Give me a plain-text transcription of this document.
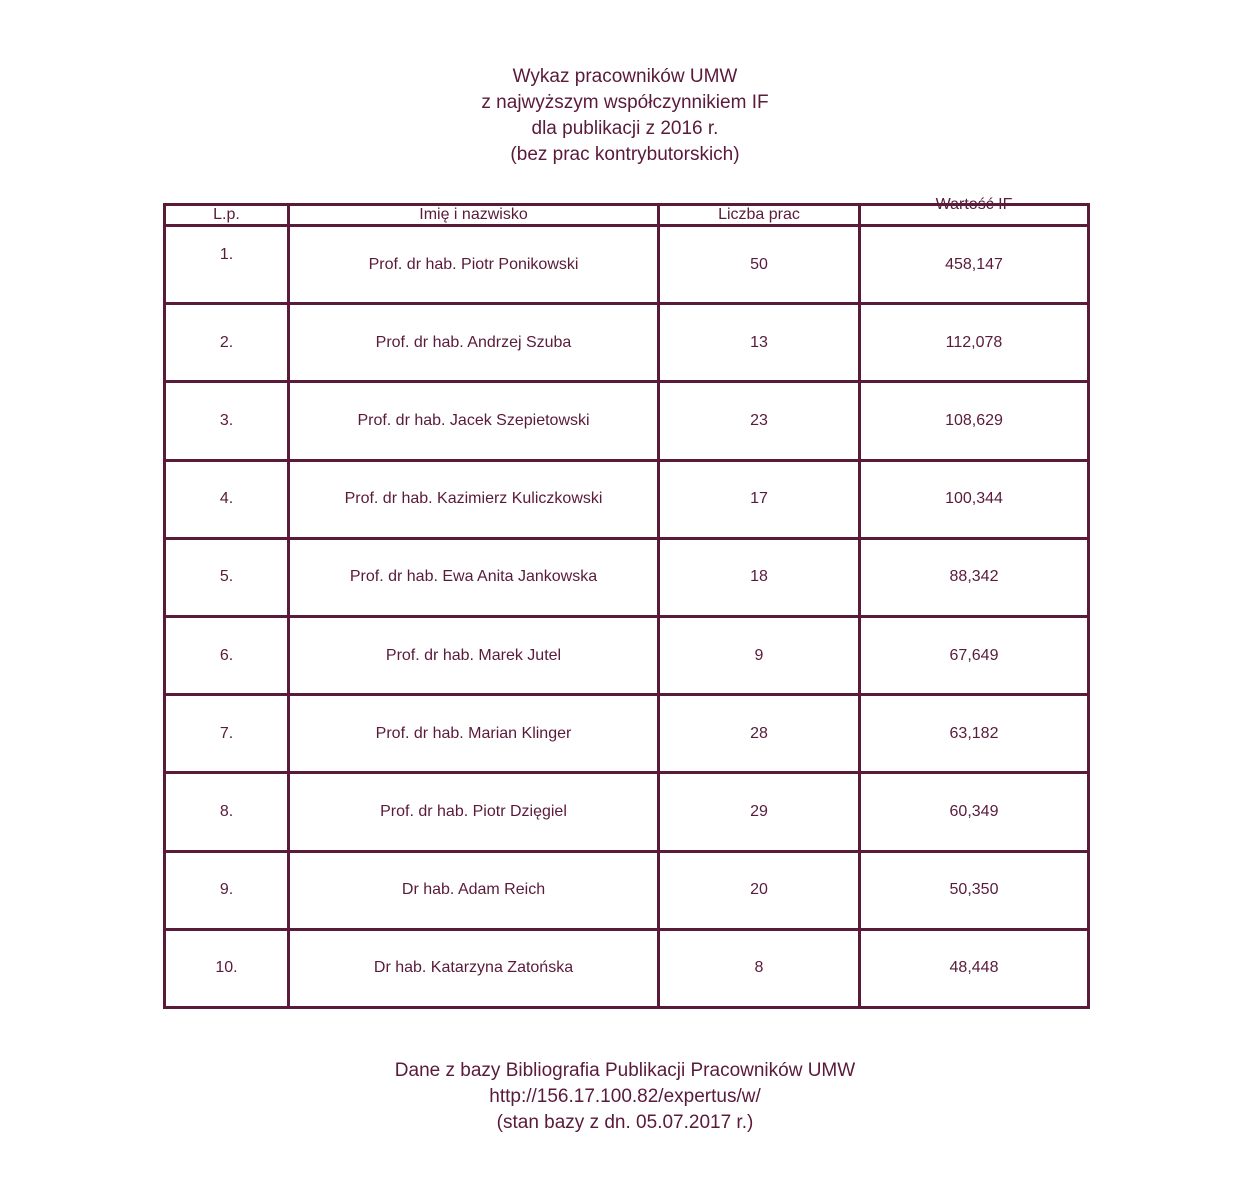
Wykaz pracowników UMW
z najwyższym współczynnikiem IF
dla publikacji z 2016 r.
(bez prac kontrybutorskich)
L.p.	Imię i nazwisko	Liczba prac	Wartość IF
1.	Prof. dr hab. Piotr Ponikowski	50	458,147
2.	Prof. dr hab. Andrzej Szuba	13	112,078
3.	Prof. dr hab. Jacek Szepietowski	23	108,629
4.	Prof. dr hab. Kazimierz Kuliczkowski	17	100,344
5.	Prof. dr hab. Ewa Anita Jankowska	18	88,342
6.	Prof. dr hab. Marek Jutel	9	67,649
7.	Prof. dr hab. Marian Klinger	28	63,182
8.	Prof. dr hab. Piotr Dzięgiel	29	60,349
9.	Dr hab. Adam Reich	20	50,350
10.	Dr hab. Katarzyna Zatońska	8	48,448
Dane z bazy Bibliografia Publikacji Pracowników UMW
http://156.17.100.82/expertus/w/
(stan bazy z dn. 05.07.2017 r.)
